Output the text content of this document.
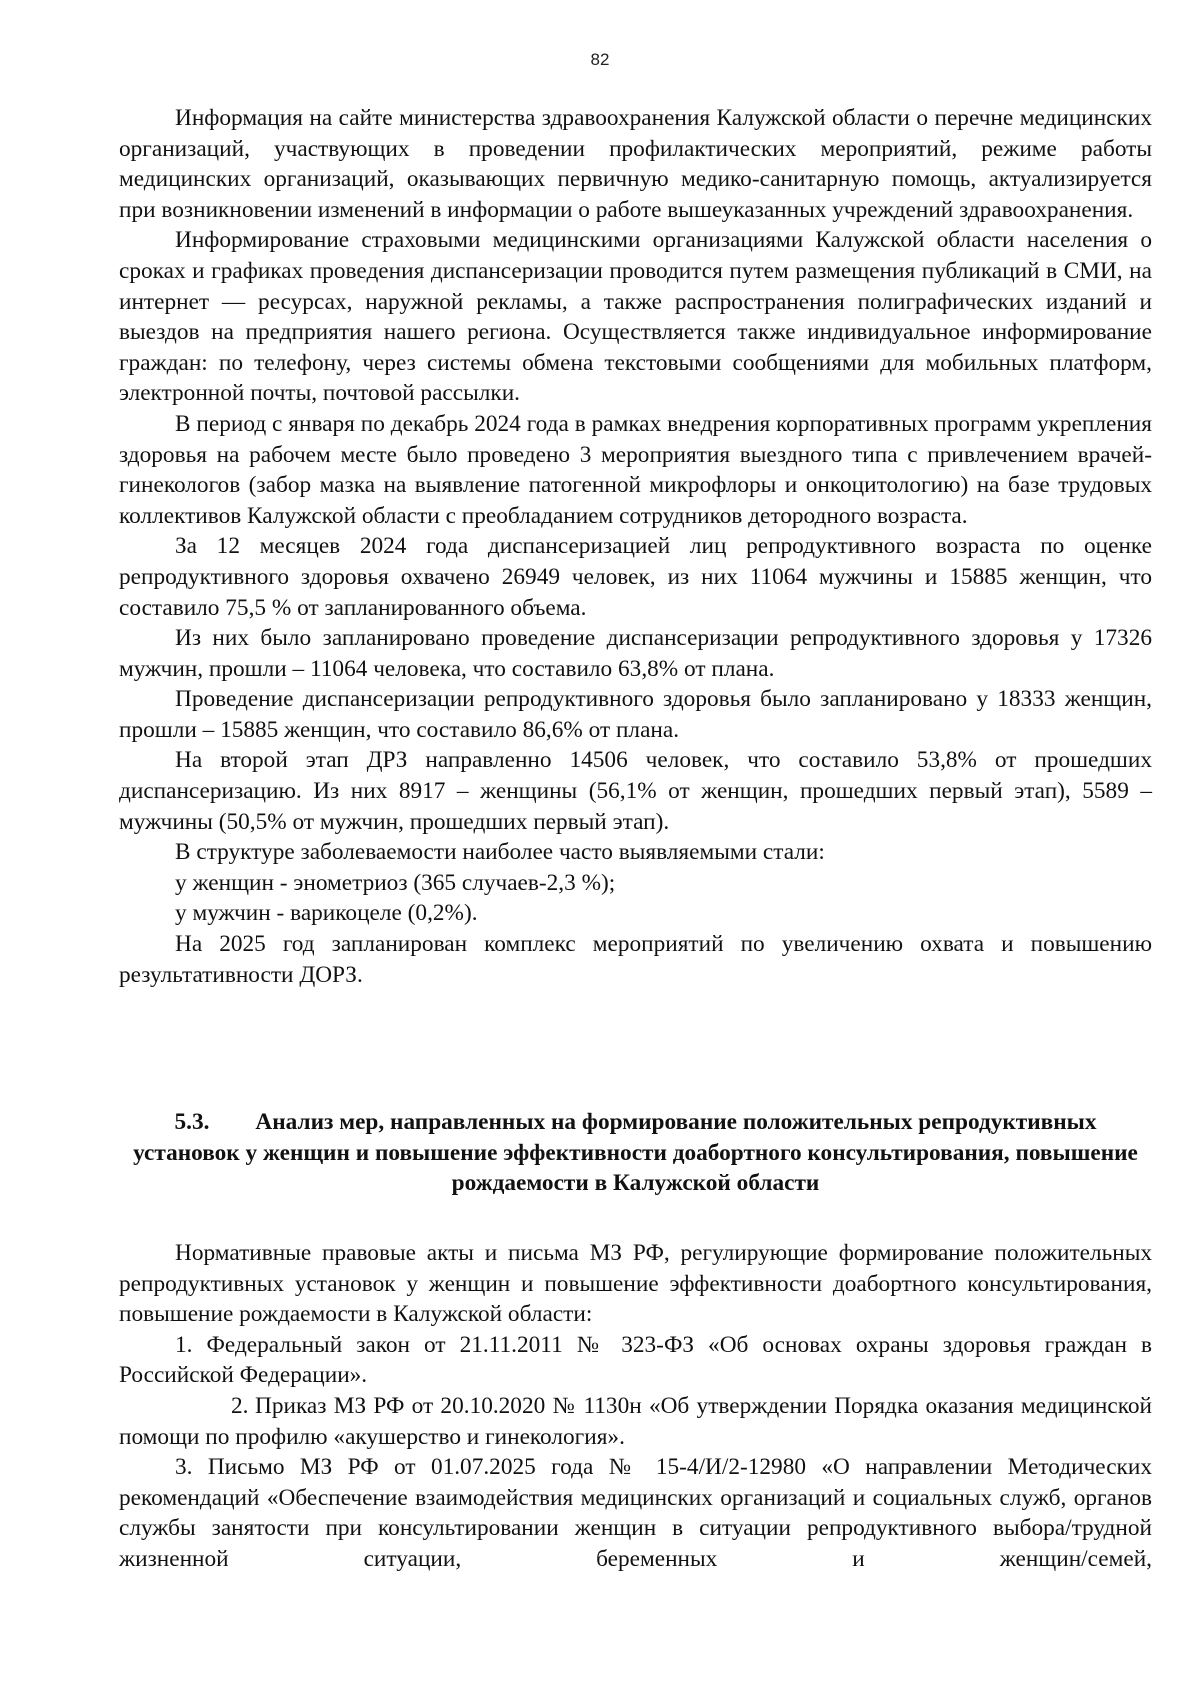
82

Информация на сайте министерства здравоохранения Калужской области о перечне медицинских организаций, участвующих в проведении профилактических мероприятий, режиме работы медицинских организаций, оказывающих первичную медико-санитарную помощь, актуализируется при возникновении изменений в информации о работе вышеуказанных учреждений здравоохранения.

Информирование страховыми медицинскими организациями Калужской области населения о сроках и графиках проведения диспансеризации проводится путем размещения публикаций в СМИ, на интернет — ресурсах, наружной рекламы, а также распространения полиграфических изданий и выездов на предприятия нашего региона. Осуществляется также индивидуальное информирование граждан: по телефону, через системы обмена текстовыми сообщениями для мобильных платформ, электронной почты, почтовой рассылки.

В период с января по декабрь 2024 года в рамках внедрения корпоративных программ укрепления здоровья на рабочем месте было проведено 3 мероприятия выездного типа с привлечением врачей-гинекологов (забор мазка на выявление патогенной микрофлоры и онкоцитологию) на базе трудовых коллективов Калужской области с преобладанием сотрудников детородного возраста.

За 12 месяцев 2024 года диспансеризацией лиц репродуктивного возраста по оценке репродуктивного здоровья охвачено 26949 человек, из них 11064 мужчины и 15885 женщин, что составило 75,5 % от запланированного объема.

Из них было запланировано проведение диспансеризации репродуктивного здоровья у 17326 мужчин, прошли – 11064 человека, что составило 63,8% от плана.

Проведение диспансеризации репродуктивного здоровья было запланировано у 18333 женщин, прошли – 15885 женщин, что составило 86,6% от плана.

На второй этап ДРЗ направленно 14506 человек, что составило 53,8% от прошедших диспансеризацию. Из них 8917 – женщины (56,1% от женщин, прошедших первый этап), 5589 – мужчины (50,5% от мужчин, прошедших первый этап).

В структуре заболеваемости наиболее часто выявляемыми стали:

у женщин - энометриоз (365 случаев-2,3 %);

у мужчин - варикоцеле (0,2%).

На 2025 год запланирован комплекс мероприятий по увеличению охвата и повышению результативности ДОРЗ.

5.3. Анализ мер, направленных на формирование положительных репродуктивных установок у женщин и повышение эффективности доабортного консультирования, повышение рождаемости в Калужской области

Нормативные правовые акты и письма МЗ РФ, регулирующие формирование положительных репродуктивных установок у женщин и повышение эффективности доабортного консультирования, повышение рождаемости в Калужской области:

1. Федеральный закон от 21.11.2011 № 323-ФЗ «Об основах охраны здоровья граждан в Российской Федерации».

2. Приказ МЗ РФ от 20.10.2020 № 1130н «Об утверждении Порядка оказания медицинской помощи по профилю «акушерство и гинекология».

3. Письмо МЗ РФ от 01.07.2025 года № 15-4/И/2-12980 «О направлении Методических рекомендаций «Обеспечение взаимодействия медицинских организаций и социальных служб, органов службы занятости при консультировании женщин в ситуации репродуктивного выбора/трудной жизненной ситуации, беременных и женщин/семей,
